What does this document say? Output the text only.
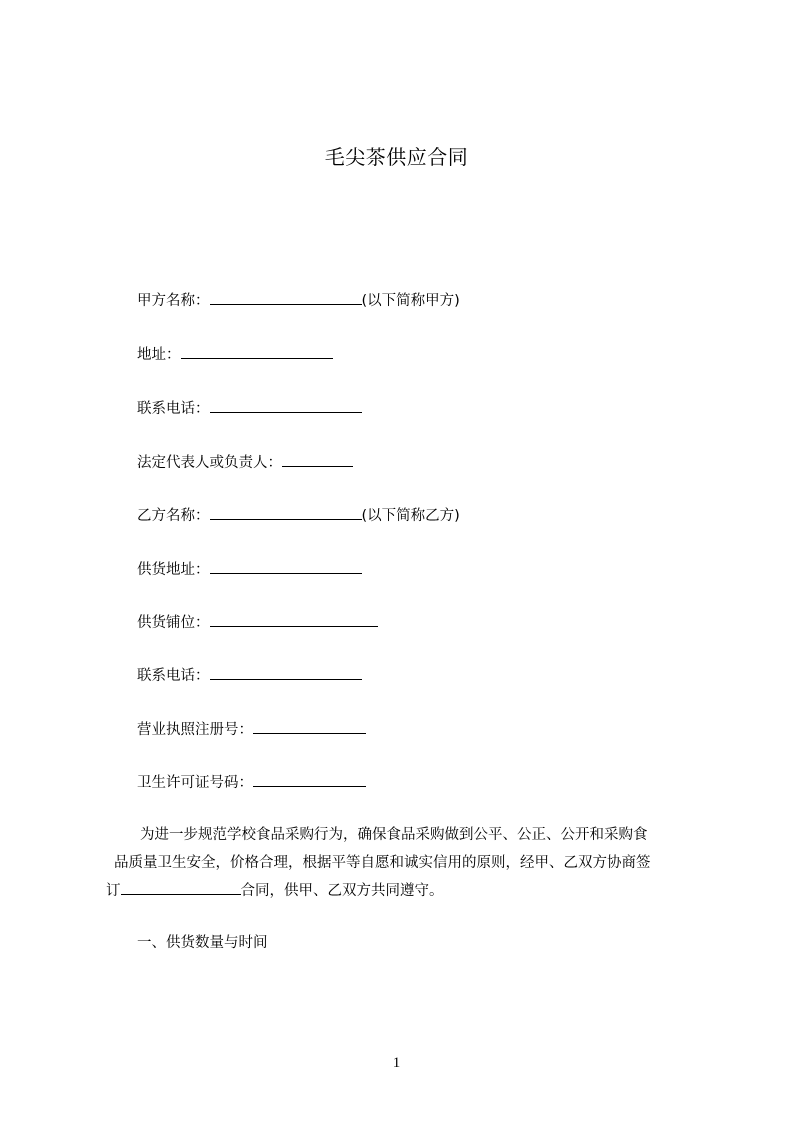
毛尖茶供应合同
甲方名称：	(以下简称甲方)
地址：
联系电话：
法定代表人或负责人：
乙方名称：	(以下简称乙方)
供货地址：
供货铺位：
联系电话：
营业执照注册号：
卫生许可证号码：
为进一步规范学校食品采购行为，确保食品采购做到公平、公正、公开和采购食
品质量卫生安全，价格合理，根据平等自愿和诚实信用的原则，经甲、乙双方协商签
订	合同，供甲、乙双方共同遵守。
一、供货数量与时间
1
